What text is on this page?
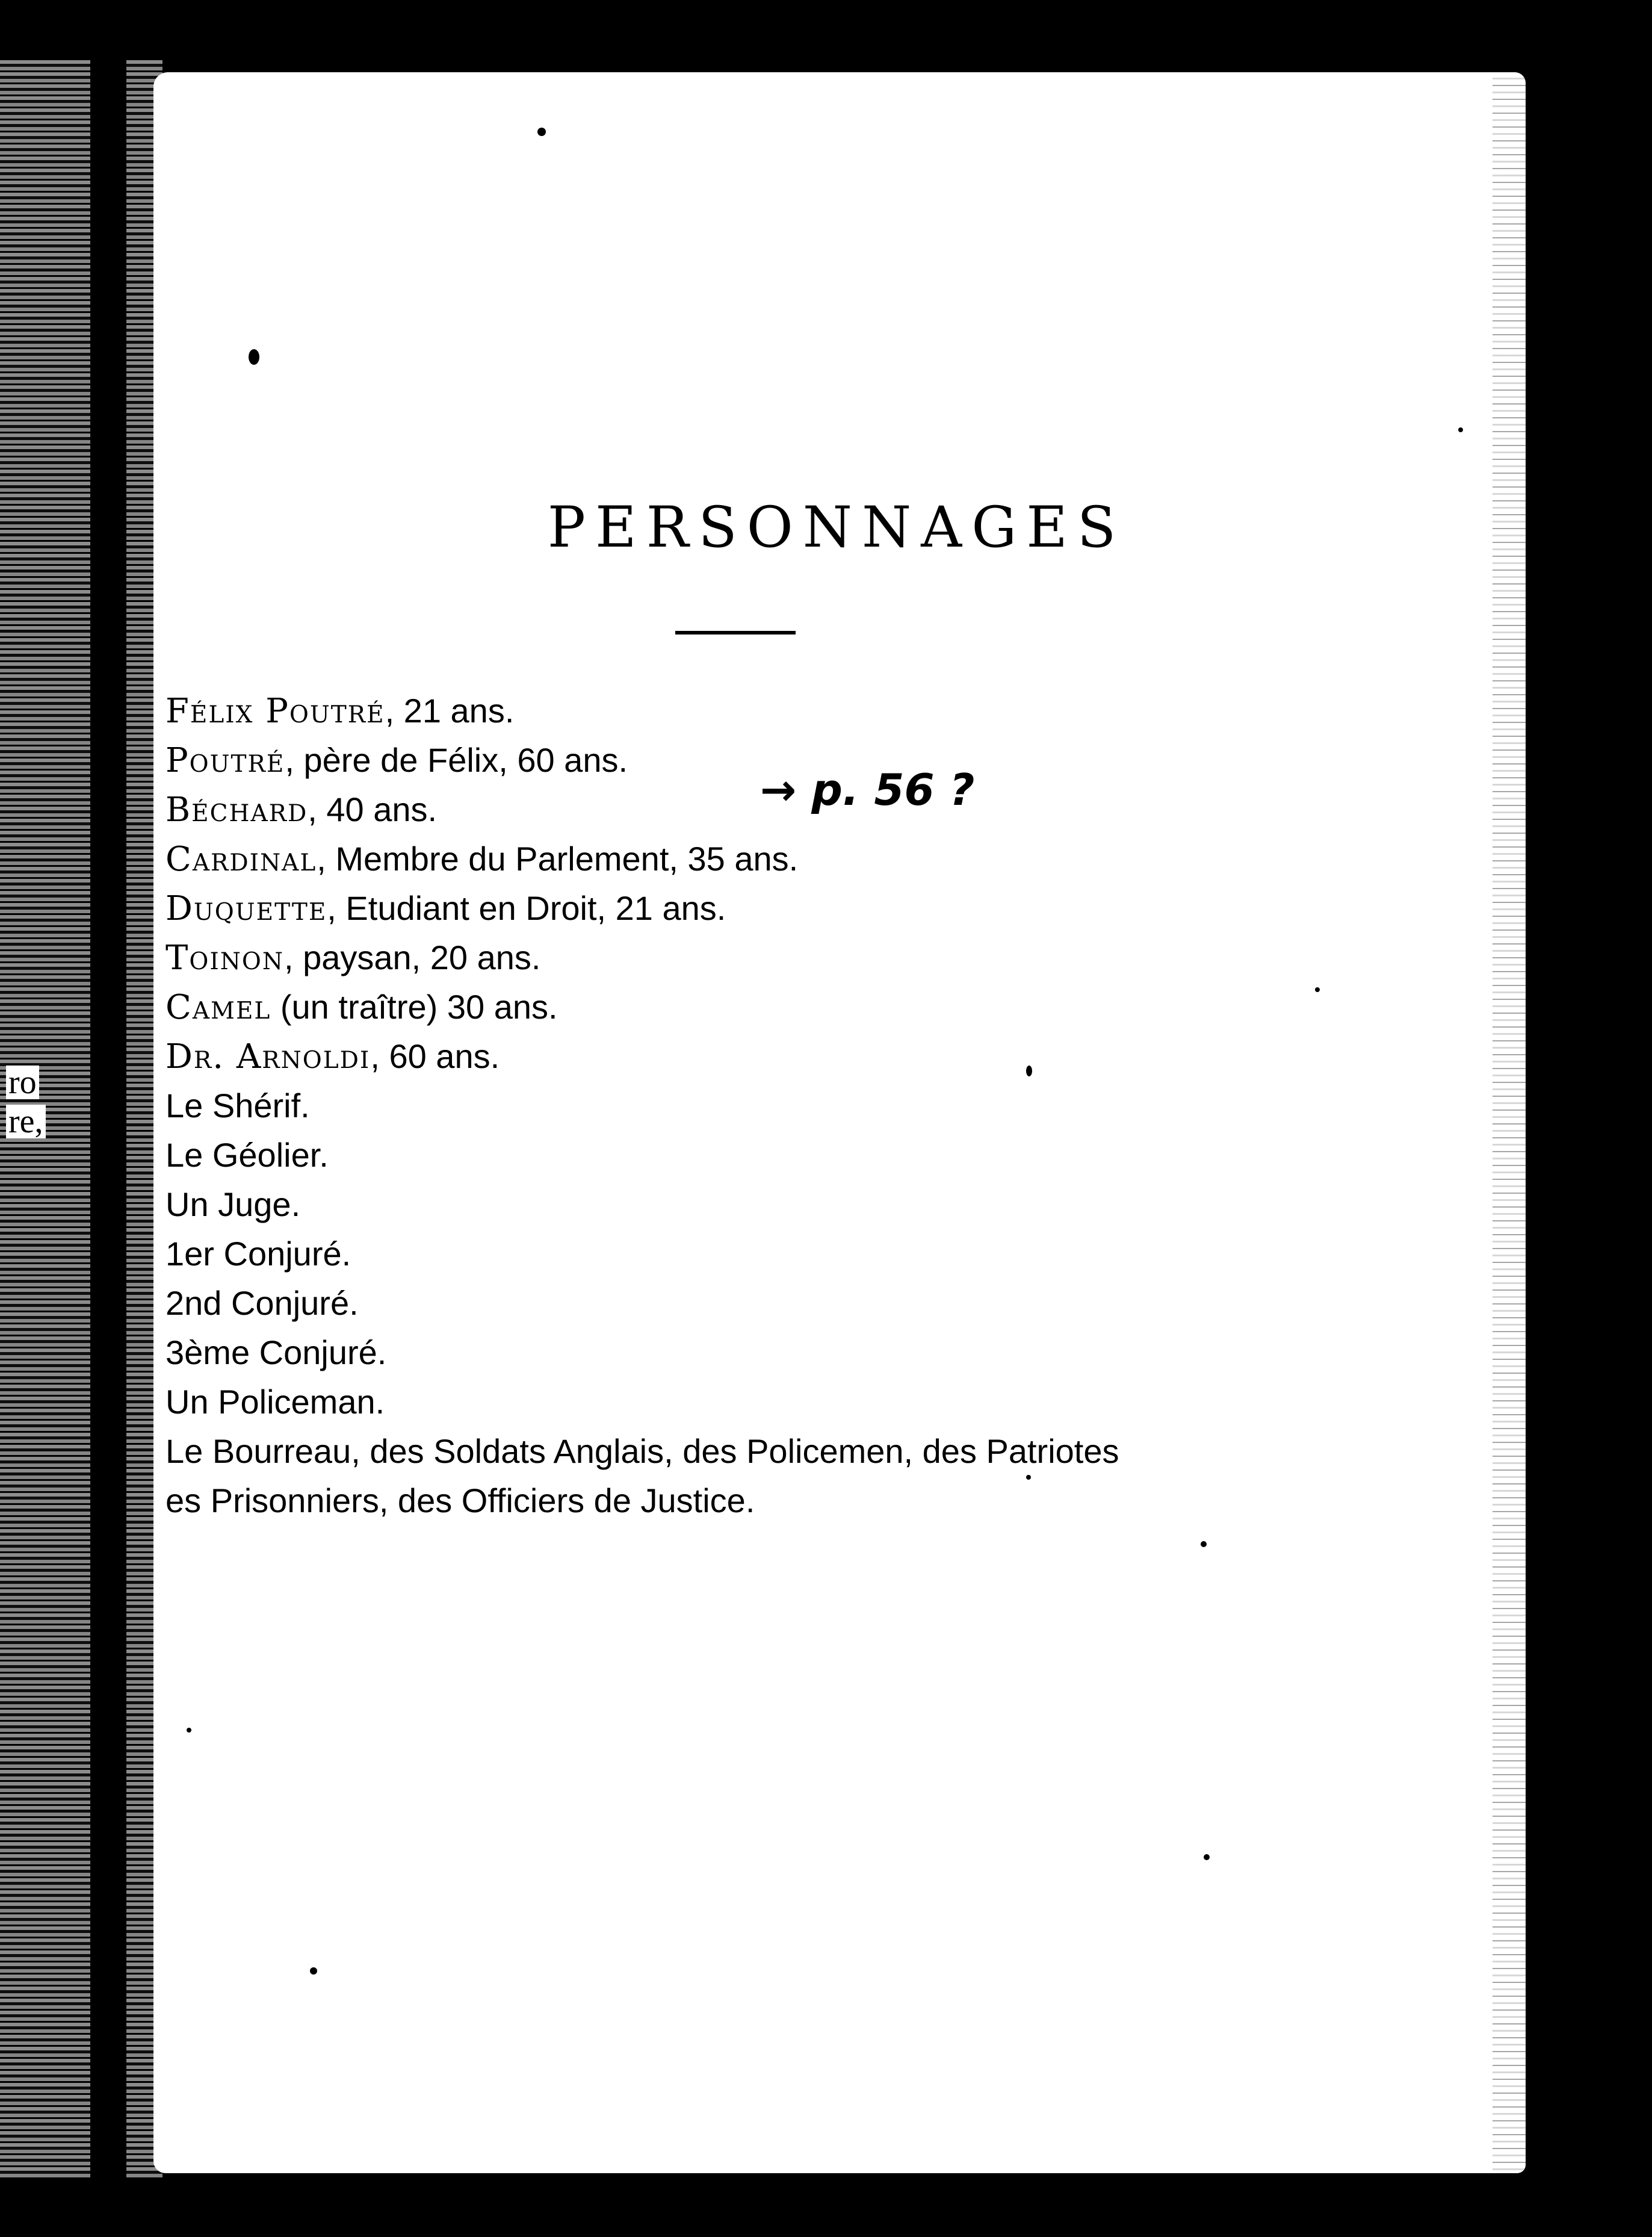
ro
re,
PERSONNAGES
Félix Poutré, 21 ans.
Poutré, père de Félix, 60 ans.
Béchard, 40 ans.
Cardinal, Membre du Parlement, 35 ans.
Duquette, Etudiant en Droit, 21 ans.
Toinon, paysan, 20 ans.
Camel (un traître) 30 ans.
Dr. Arnoldi, 60 ans.
Le Shérif.
Le Géolier.
Un Juge.
1er Conjuré.
2nd Conjuré.
3ème Conjuré.
Un Policeman.
Le Bourreau, des Soldats Anglais, des Policemen, des Patriotes
es Prisonniers, des Officiers de Justice.
→ p. 56 ?
